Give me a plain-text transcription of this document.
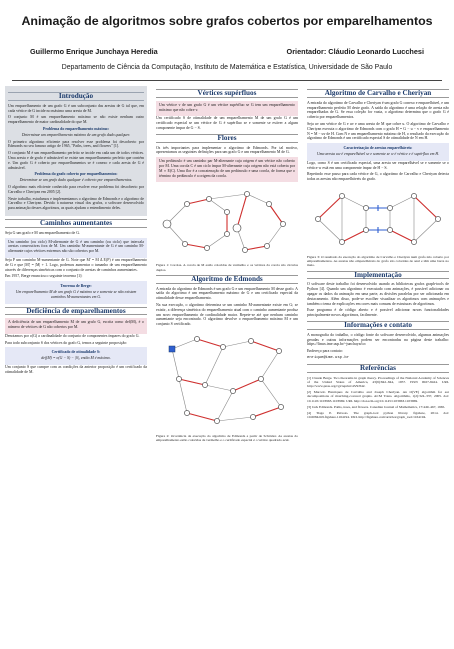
Animação de algoritmos sobre grafos cobertos por emparelhamentos
Guillermo Enrique Junchaya Heredia	Orientador: Cláudio Leonardo Lucchesi
Departamento de Ciência da Computação, Instituto de Matemática e Estatística, Universidade de São Paulo
Introdução

Um emparelhamento de um grafo G é um subconjunto das arestas de G tal que, em cada vértice de G incide no máximo uma aresta de M.

O conjunto M é um emparelhamento máximo se não existe nenhum outro emparelhamento de maior cardinalidade do que M.

Problema do emparelhamento máximo:
Determinar um emparelhamento máximo de um grafo dado qualquer.

O primeiro algoritmo eficiente para resolver esse problema foi descoberto por Edmonds no seu famoso artigo de 1965, "Paths, trees, and flowers" [1].

O conjunto M é um emparelhamento perfeito se incide em cada um de todos vértices. Uma aresta e de grafo é admissível se existe um emparelhamento perfeito que contém e. Um grafo G é coberto por emparelhamentos se é conexo e cada aresta de G é admissível.

Problema do grafo coberto por emparelhamentos:
Determinar se um grafo dado qualquer é coberto por emparelhamentos.

O algoritmo mais eficiente conhecido para resolver esse problema foi descoberto por Carvalho e Cheriyan em 2005 [2].

Neste trabalho, estudamos e implementamos o algoritmo de Edmonds e o algoritmo de Carvalho e Cheriyan. Devido à natureza visual dos grafos, o software desenvolvido para animação desses algoritmos, as quais ajudam o entendimento deles.

Caminhos aumentantes

Seja G um grafo e M um emparelhamento de G.

Um caminho (ou ciclo) M-alternante de G é um caminho (ou ciclo) que intercala arestas consecutivas fora de M. Um caminho M-aumentante de G é um caminho M-alternante cujos vértices extremos não são cobertos por M.

Seja P um caminho M-aumentante de G. Note que M' = M Δ E(P) é um emparelhamento de G e que |M'| = |M| + 1. Logo, podemos aumentar o tamanho de um emparelhamento através de diferenças simétricas com o conjunto de arestas de caminhos aumentantes.

Em 1957, Berge enunciou o seguinte teorema [1]:

Teorema de Berge:
Um emparelhamento M de um grafo G é máximo se e somente se não existem caminhos M-aumentantes em G.
Deficiência de emparelhamentos

A deficiência de um emparelhamento M de um grafo G, escrita como def(M), é o número de vértices de G não cobertos por M.

Denotamos por o(G) a cardinalidade do conjunto de componentes ímpares do grafo G.

Para todo subconjunto S dos vértices do grafo G, temos a seguinte proposição:

Certificado de otimalidade S:
def(M) = o(G − S) − |S|, então M é máximo.

Um conjunto S que cumpre com as condições da anterior proposição é um certificado da otimalidade de M.

Vértices supérfluos

Um vértice v de um grafo G é um vértice supérfluo se G tem um emparelhamento máximo que não cobre v.

Um certificado S de otimalidade de um emparelhamento M de um grafo G é um certificado especial se um vértice de G é supérfluo se e somente se estiver a algum componente ímpar de G − S.

Flores

Os três importantes para implementar o algoritmo de Edmonds. Por tal motivo, apresentamos as seguintes definições para um grafo G e um emparelhamento M de G.

Um pedúnculo é um caminho par M-alternante cuja origem é um vértice não coberto por M. Uma corola C é um ciclo ímpar M-alternante cuja origem não está coberta por M ∩ E(C). Uma flor é a concatenação de um pedúnculo e uma corola, de forma que o término do pedúnculo é a origem da corola.

Figura 1: Corolas. A corola de M estão coloridas de vermelho e os vértices da corola são círculos duplos.

Algoritmo de Edmonds

A entrada do algoritmo de Edmonds é um grafo G e um emparelhamento M desse grafo. A saída do algoritmo é um emparelhamento máximo de G e um certificado especial da otimalidade desse emparelhamento.

Na sua execução, o algoritmo determina se um caminho M-aumentante existe em G; se existir, a diferença simétrica do emparelhamento atual com o caminho aumentante produz um novo emparelhamento de cardinalidade maior. Repete-se até que nenhum caminho aumentante seja encontrado. O algoritmo devolve o emparelhamento máximo M e um conjunto S certificado.

Figura 2: Ocorrência da execução do algoritmo de Edmonds a partir de Schröder. As arestas do emparelhamento estão coloridas de vermelho e o certificado especial é o vértice quadrado azul.

Algoritmo de Carvalho e Cheriyan

A entrada do algoritmo de Carvalho e Cheriyan é um grafo G conexo e emparelhável, e um emparelhamento perfeito M deste grafo. A saída do algoritmo é uma relação de aresta não emparelhadas de G. Se essa coleção for vazia, o algoritmo determina que o grafo G é coberto por emparelhamentos.

Seja uv um vértice de G e uv e uma aresta de M que cobre u. O algoritmo de Carvalho e Cheriyan executa o algoritmo de Edmonds com o grafo H = G − u − v e emparelhamento N = M − uv de H. Com N e um emparelhamento máximo de H, o resultado da execução do algoritmo de Edmonds é um certificado especial S de otimalidade de N em H.

Caracterização de arestas emparelháveis:
Uma aresta uw é emparelhável se e somente se w é vértice e é supérfluo em H.

Logo, como S é um certificado especial, uma aresta ser emparelhável se e somente se o vértice w está em uma componente ímpar de H − S.

Repetindo esse passo para cada vértice de G, o algoritmo de Carvalho e Cheriyan detecta todas as arestas não emparelháveis do grafo.

Figura 3: O resultado da execução do algoritmo de Carvalho e Cheriyan num grafo não coberto por emparelhamentos. As arestas não emparelháveis do grafo são coloridas de azul e têm uma barra no meio.

Implementação

O software deste trabalho foi desenvolvido usando as bibliotecas grafos graph-tools de Python [4]. Quando um algoritmo é executado com animações, é possível adicionar ou apagar os dados da animação em uma parte, as divisões paralelas por ser adicionada em destacamento. Além disso, pode-se escolher visualizar os algoritmos com animações e também o tema de explicações em cores mais comuns de estruturas de algoritmos.

Esse programa é de código aberto e é possível adicionar novas funcionalidades principalmente novos algoritmos, facilmente.

Informações e contato

A monografia do trabalho, o código fonte do software desenvolvido, algumas animações geradas e outras informações podem ser encontradas na página deste trabalho: https://linux.ime.usp.br/~junchaya/tcc

Endereço para contato:

enrique@ime.usp.br

Referências

[1] Claude Berge. Two theorems in graph theory. Proceedings of the National Academy of Sciences of the United States of America, 43(9):842–844, 1957. ISSN 0027-8424. URL http://www.pnas.org/cgi/reprint/43/9/842.

[2] Marcelo Henriques de Carvalho and Joseph Cheriyan. An O(VE) algorithm for ear decompositions of matching-covered graphs. ACM Trans. Algorithms, 1(2):324–337, 2005. doi: 10.1145/1103963.1103969. URL http://doi.acm.org/10.1145/1103963.1103969.

[3] Jack Edmonds. Paths, trees, and flowers. Canadian Journal of Mathematics, 17:449–467, 1965.

[4] Tiago P. Peixoto. The graph-tool python library. figshare, 2014. doi: 10.6084/m9.figshare.1164194. URL http://figshare.com/articles/graph_tool/1164194.
